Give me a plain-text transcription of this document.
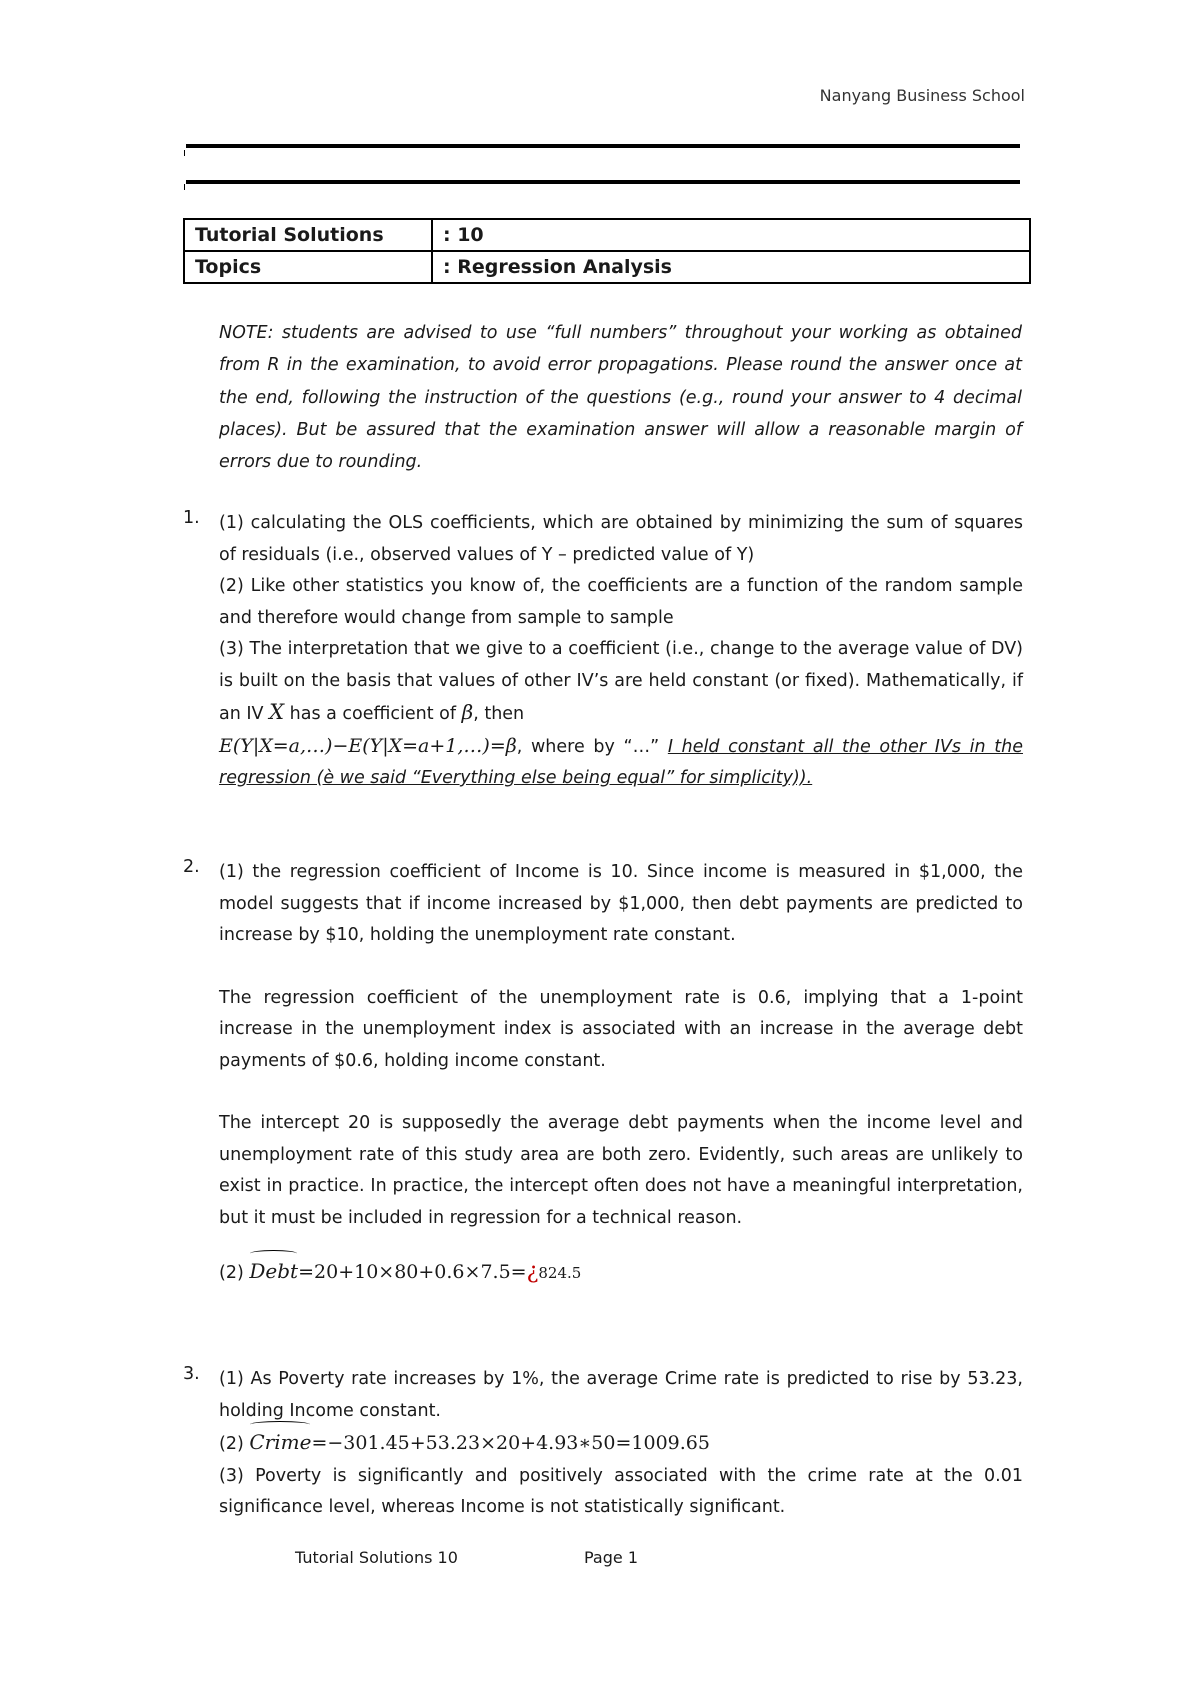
Nanyang Business School
Tutorial Solutions	: 10
Topics	: Regression Analysis
NOTE: students are advised to use “full numbers” throughout your working as obtained from R in the examination, to avoid error propagations. Please round the answer once at the end, following the instruction of the questions (e.g., round your answer to 4 decimal places). But be assured that the examination answer will allow a reasonable margin of errors due to rounding.
1. (1) calculating the OLS coefficients, which are obtained by minimizing the sum of squares of residuals (i.e., observed values of Y – predicted value of Y)

(2) Like other statistics you know of, the coefficients are a function of the random sample and therefore would change from sample to sample

(3) The interpretation that we give to a coefficient (i.e., change to the average value of DV) is built on the basis that values of other IV’s are held constant (or fixed). Mathematically, if an IV X has a coefficient of β, then

E(Y|X=a,…)−E(Y|X=a+1,…)=β, where by “…” I held constant all the other IVs in the regression (è we said “Everything else being equal” for simplicity)).

2. (1) the regression coefficient of Income is 10. Since income is measured in $1,000, the model suggests that if income increased by $1,000, then debt payments are predicted to increase by $10, holding the unemployment rate constant.

The regression coefficient of the unemployment rate is 0.6, implying that a 1-point increase in the unemployment index is associated with an increase in the average debt payments of $0.6, holding income constant.

The intercept 20 is supposedly the average debt payments when the income level and unemployment rate of this study area are both zero. Evidently, such areas are unlikely to exist in practice. In practice, the intercept often does not have a meaningful interpretation, but it must be included in regression for a technical reason.

(2) Debt=20+10×80+0.6×7.5=¿824.5

3. (1) As Poverty rate increases by 1%, the average Crime rate is predicted to rise by 53.23, holding Income constant.

(2) Crime=−301.45+53.23×20+4.93∗50=1009.65

(3) Poverty is significantly and positively associated with the crime rate at the 0.01 significance level, whereas Income is not statistically significant.

Tutorial Solutions 10	Page 1
